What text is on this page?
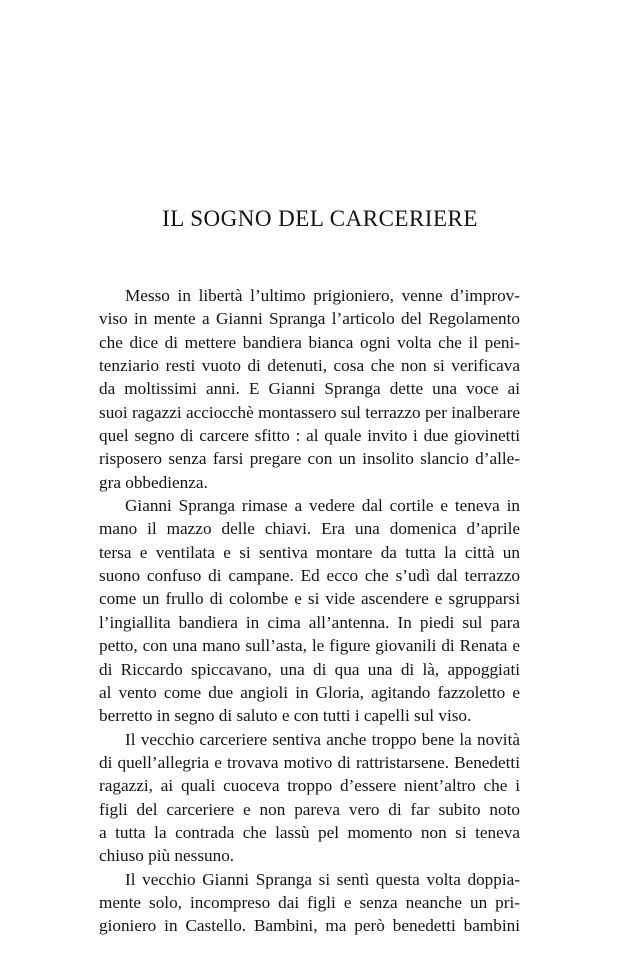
IL SOGNO DEL CARCERIERE
Messo in libertà l’ultimo prigioniero, venne d’improv-
viso in mente a Gianni Spranga l’articolo del Regolamento
che dice di mettere bandiera bianca ogni volta che il peni-
tenziario resti vuoto di detenuti, cosa che non si verificava
da moltissimi anni. E Gianni Spranga dette una voce ai
suoi ragazzi acciocchè montassero sul terrazzo per inalberare
quel segno di carcere sfitto : al quale invito i due giovinetti
risposero senza farsi pregare con un insolito slancio d’alle-
gra obbedienza.
Gianni Spranga rimase a vedere dal cortile e teneva in
mano il mazzo delle chiavi. Era una domenica d’aprile
tersa e ventilata e si sentiva montare da tutta la città un
suono confuso di campane. Ed ecco che s’udì dal terrazzo
come un frullo di colombe e si vide ascendere e sgrupparsi
l’ingiallita bandiera in cima all’antenna. In piedi sul para
petto, con una mano sull’asta, le figure giovanili di Renata e
di Riccardo spiccavano, una di qua una di là, appoggiati
al vento come due angioli in Gloria, agitando fazzoletto e
berretto in segno di saluto e con tutti i capelli sul viso.
Il vecchio carceriere sentiva anche troppo bene la novità
di quell’allegria e trovava motivo di rattristarsene. Benedetti
ragazzi, ai quali cuoceva troppo d’essere nient’altro che i
figli del carceriere e non pareva vero di far subito noto
a tutta la contrada che lassù pel momento non si teneva
chiuso più nessuno.
Il vecchio Gianni Spranga si sentì questa volta doppia-
mente solo, incompreso dai figli e senza neanche un pri-
gioniero in Castello. Bambini, ma però benedetti bambini
